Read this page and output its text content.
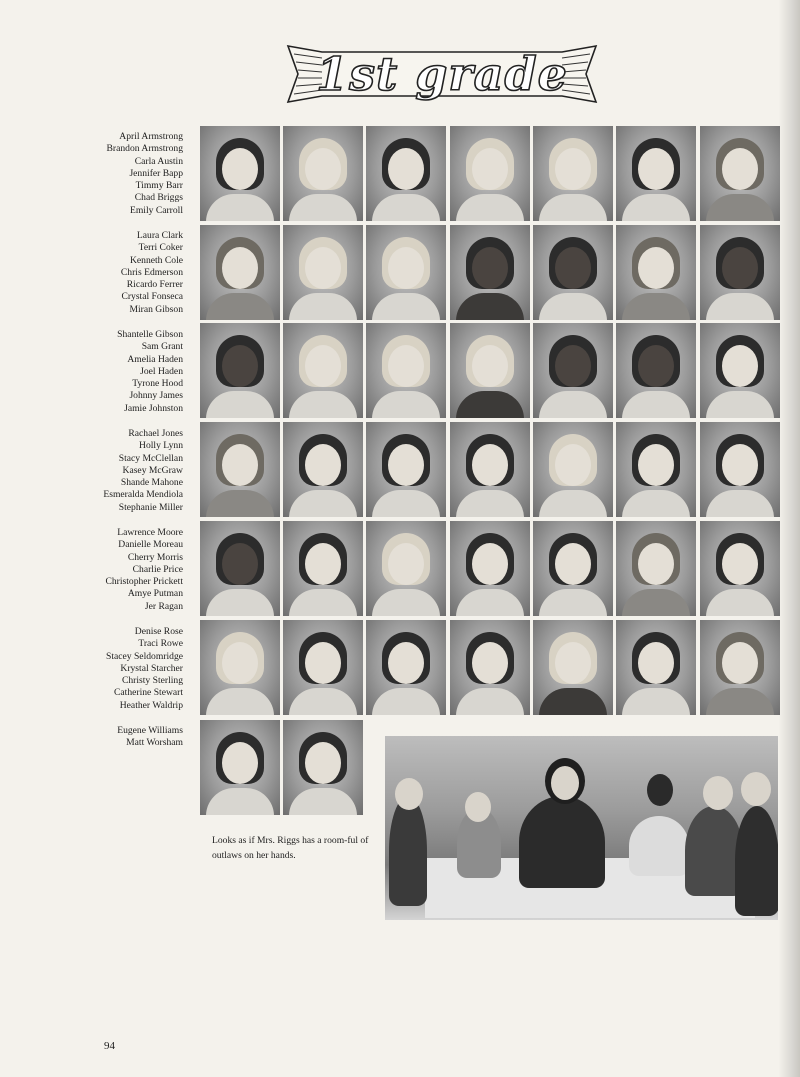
1st grade
April Armstrong
Brandon Armstrong
Carla Austin
Jennifer Bapp
Timmy Barr
Chad Briggs
Emily Carroll
Laura Clark
Terri Coker
Kenneth Cole
Chris Edmerson
Ricardo Ferrer
Crystal Fonseca
Miran Gibson
Shantelle Gibson
Sam Grant
Amelia Haden
Joel Haden
Tyrone Hood
Johnny James
Jamie Johnston
Rachael Jones
Holly Lynn
Stacy McClellan
Kasey McGraw
Shande Mahone
Esmeralda Mendiola
Stephanie Miller
Lawrence Moore
Danielle Moreau
Cherry Morris
Charlie Price
Christopher Prickett
Amye Putman
Jer Ragan
Denise Rose
Traci Rowe
Stacey Seldomridge
Krystal Starcher
Christy Sterling
Catherine Stewart
Heather Waldrip
Eugene Williams
Matt Worsham
Looks as if Mrs. Riggs has a room-ful of outlaws on her hands.
94
